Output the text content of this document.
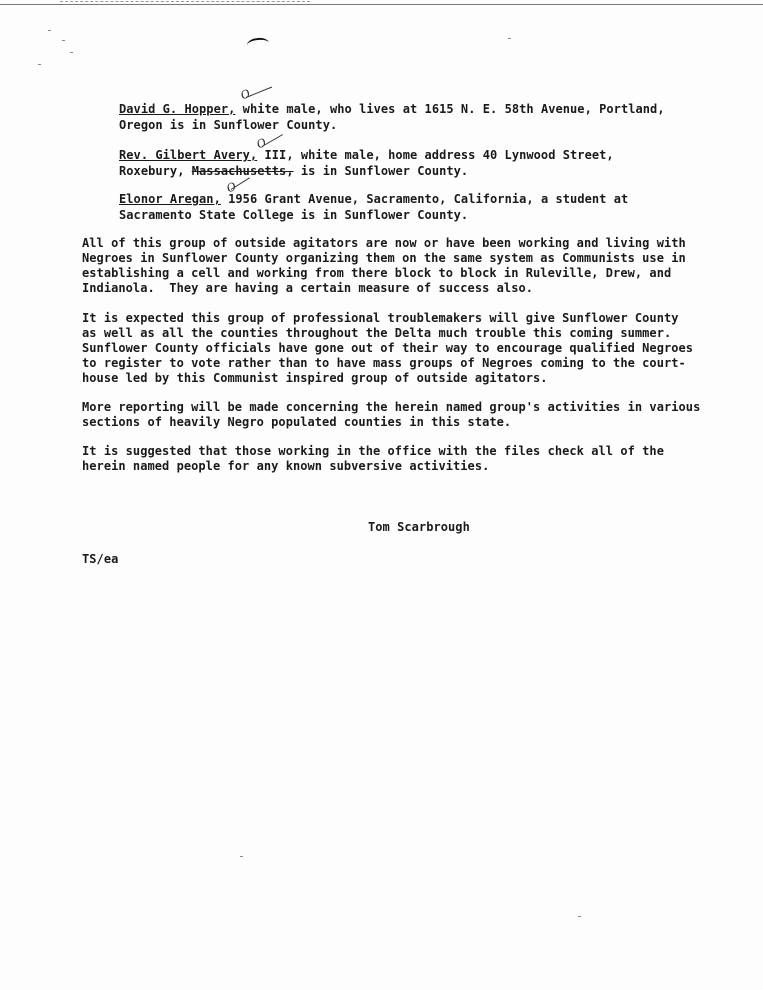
O
David G. Hopper, white male, who lives at 1615 N. E. 58th Avenue, Portland,
Oregon is in Sunflower County.
O
Rev. Gilbert Avery, III, white male, home address 40 Lynwood Street,
Roxebury, Massachusetts, is in Sunflower County.
O
Elonor Aregan, 1956 Grant Avenue, Sacramento, California, a student at
Sacramento State College is in Sunflower County.
All of this group of outside agitators are now or have been working and living with
Negroes in Sunflower County organizing them on the same system as Communists use in
establishing a cell and working from there block to block in Ruleville, Drew, and
Indianola.  They are having a certain measure of success also.
It is expected this group of professional troublemakers will give Sunflower County
as well as all the counties throughout the Delta much trouble this coming summer.
Sunflower County officials have gone out of their way to encourage qualified Negroes
to register to vote rather than to have mass groups of Negroes coming to the court-
house led by this Communist inspired group of outside agitators.
More reporting will be made concerning the herein named group's activities in various
sections of heavily Negro populated counties in this state.
It is suggested that those working in the office with the files check all of the
herein named people for any known subversive activities.
Tom Scarbrough
TS/ea
